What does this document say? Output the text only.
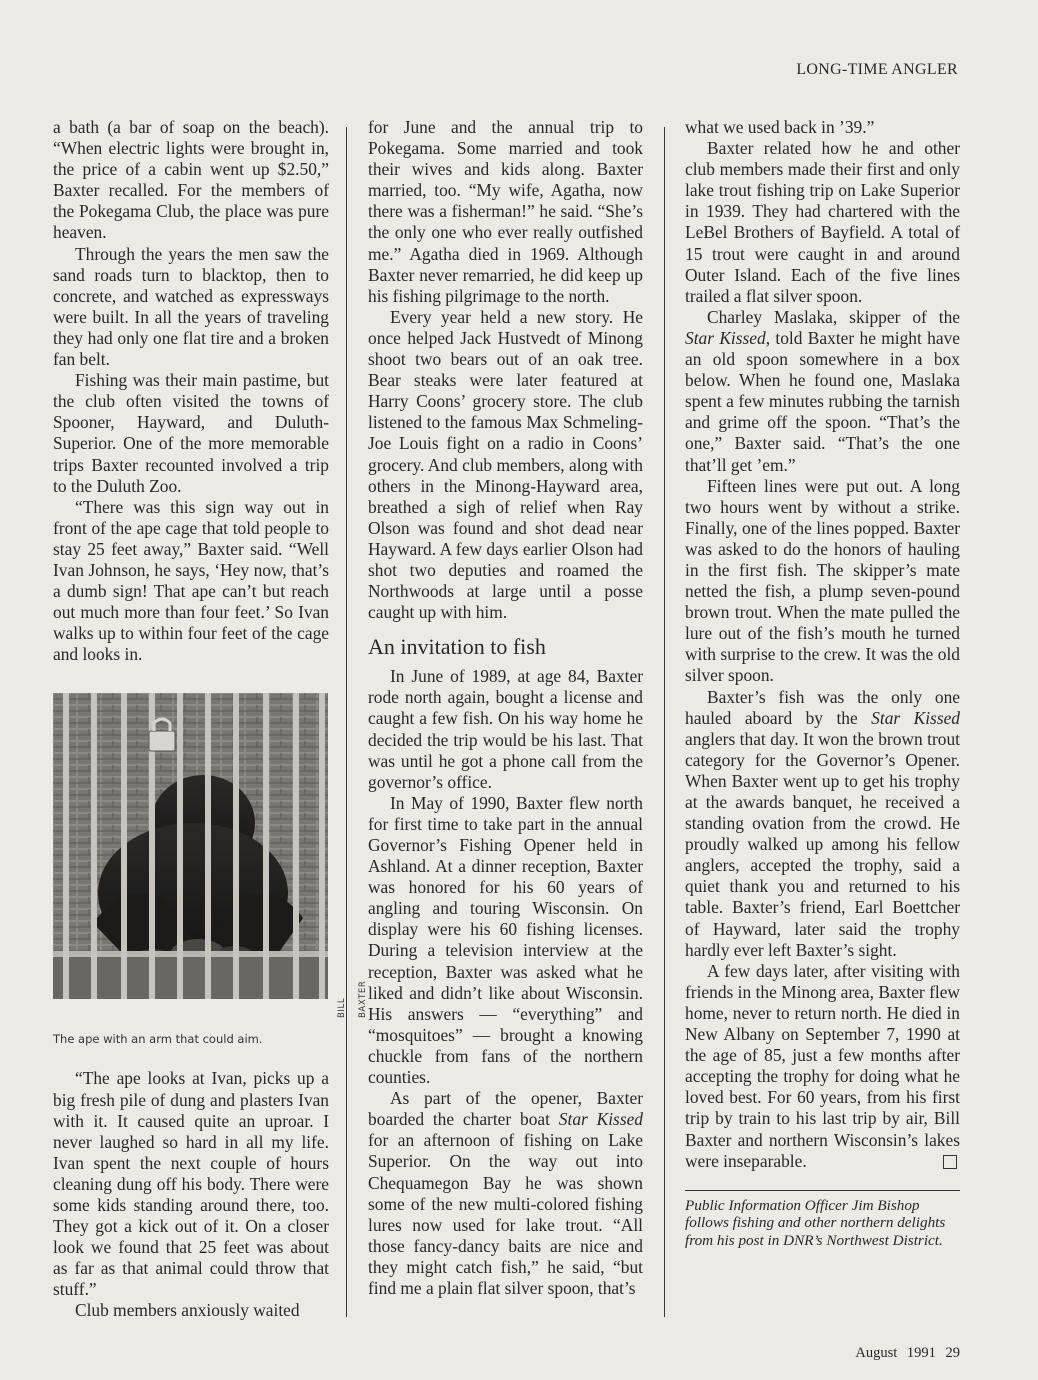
LONG-TIME ANGLER

a bath (a bar of soap on the beach). “When electric lights were brought in, the price of a cabin went up $2.50,” Baxter recalled. For the members of the Pokegama Club, the place was pure heaven.

Through the years the men saw the sand roads turn to blacktop, then to concrete, and watched as expressways were built. In all the years of traveling they had only one flat tire and a broken fan belt.

Fishing was their main pastime, but the club often visited the towns of Spooner, Hayward, and Duluth-Superior. One of the more memorable trips Baxter recounted involved a trip to the Duluth Zoo.

“There was this sign way out in front of the ape cage that told people to stay 25 feet away,” Baxter said. “Well Ivan Johnson, he says, ‘Hey now, that’s a dumb sign! That ape can’t but reach out much more than four feet.’ So Ivan walks up to within four feet of the cage and looks in.

BILL BAXTER
The ape with an arm that could aim.

“The ape looks at Ivan, picks up a big fresh pile of dung and plasters Ivan with it. It caused quite an uproar. I never laughed so hard in all my life. Ivan spent the next couple of hours cleaning dung off his body. There were some kids standing around there, too. They got a kick out of it. On a closer look we found that 25 feet was about as far as that animal could throw that stuff.”

Club members anxiously waited

for June and the annual trip to Pokegama. Some married and took their wives and kids along. Baxter married, too. “My wife, Agatha, now there was a fisherman!” he said. “She’s the only one who ever really outfished me.” Agatha died in 1969. Although Baxter never remarried, he did keep up his fishing pilgrimage to the north.

Every year held a new story. He once helped Jack Hustvedt of Minong shoot two bears out of an oak tree. Bear steaks were later featured at Harry Coons’ grocery store. The club listened to the famous Max Schmeling-Joe Louis fight on a radio in Coons’ grocery. And club members, along with others in the Minong-Hayward area, breathed a sigh of relief when Ray Olson was found and shot dead near Hayward. A few days earlier Olson had shot two deputies and roamed the Northwoods at large until a posse caught up with him.

An invitation to fish

In June of 1989, at age 84, Baxter rode north again, bought a license and caught a few fish. On his way home he decided the trip would be his last. That was until he got a phone call from the governor’s office.

In May of 1990, Baxter flew north for first time to take part in the annual Governor’s Fishing Opener held in Ashland. At a dinner reception, Baxter was honored for his 60 years of angling and touring Wisconsin. On display were his 60 fishing licenses. During a television interview at the reception, Baxter was asked what he liked and didn’t like about Wisconsin. His answers — “everything” and “mosquitoes” — brought a knowing chuckle from fans of the northern counties.

As part of the opener, Baxter boarded the charter boat Star Kissed for an afternoon of fishing on Lake Superior. On the way out into Chequamegon Bay he was shown some of the new multi-colored fishing lures now used for lake trout. “All those fancy-dancy baits are nice and they might catch fish,” he said, “but find me a plain flat silver spoon, that’s

what we used back in ’39.”

Baxter related how he and other club members made their first and only lake trout fishing trip on Lake Superior in 1939. They had chartered with the LeBel Brothers of Bayfield. A total of 15 trout were caught in and around Outer Island. Each of the five lines trailed a flat silver spoon.

Charley Maslaka, skipper of the Star Kissed, told Baxter he might have an old spoon somewhere in a box below. When he found one, Maslaka spent a few minutes rubbing the tarnish and grime off the spoon. “That’s the one,” Baxter said. “That’s the one that’ll get ’em.”

Fifteen lines were put out. A long two hours went by without a strike. Finally, one of the lines popped. Baxter was asked to do the honors of hauling in the first fish. The skipper’s mate netted the fish, a plump seven-pound brown trout. When the mate pulled the lure out of the fish’s mouth he turned with surprise to the crew. It was the old silver spoon.

Baxter’s fish was the only one hauled aboard by the Star Kissed anglers that day. It won the brown trout category for the Governor’s Opener. When Baxter went up to get his trophy at the awards banquet, he received a standing ovation from the crowd. He proudly walked up among his fellow anglers, accepted the trophy, said a quiet thank you and returned to his table. Baxter’s friend, Earl Boettcher of Hayward, later said the trophy hardly ever left Baxter’s sight.

A few days later, after visiting with friends in the Minong area, Baxter flew home, never to return north. He died in New Albany on September 7, 1990 at the age of 85, just a few months after accepting the trophy for doing what he loved best. For 60 years, from his first trip by train to his last trip by air, Bill Baxter and northern Wisconsin’s lakes were inseparable.

Public Information Officer Jim Bishop follows fishing and other northern delights from his post in DNR’s Northwest District.
August 1991 29
